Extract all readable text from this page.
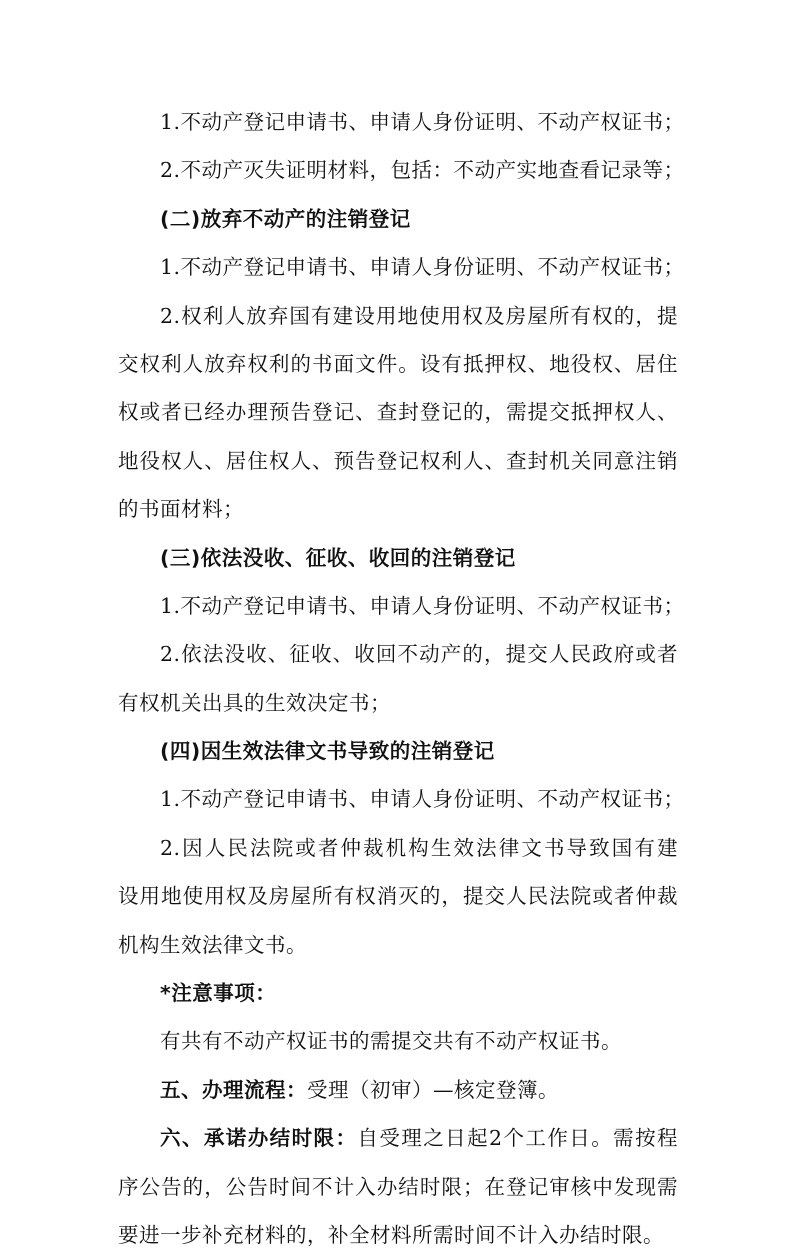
1.不动产登记申请书、申请人身份证明、不动产权证书；
2.不动产灭失证明材料，包括：不动产实地查看记录等；
(二)放弃不动产的注销登记
1.不动产登记申请书、申请人身份证明、不动产权证书；
2.权利人放弃国有建设用地使用权及房屋所有权的，提
交权利人放弃权利的书面文件。设有抵押权、地役权、居住
权或者已经办理预告登记、查封登记的，需提交抵押权人、
地役权人、居住权人、预告登记权利人、查封机关同意注销
的书面材料；
(三)依法没收、征收、收回的注销登记
1.不动产登记申请书、申请人身份证明、不动产权证书；
2.依法没收、征收、收回不动产的，提交人民政府或者
有权机关出具的生效决定书；
(四)因生效法律文书导致的注销登记
1.不动产登记申请书、申请人身份证明、不动产权证书；
2.因人民法院或者仲裁机构生效法律文书导致国有建
设用地使用权及房屋所有权消灭的，提交人民法院或者仲裁
机构生效法律文书。
*注意事项：
有共有不动产权证书的需提交共有不动产权证书。
五、办理流程：受理（初审）—核定登簿。
六、承诺办结时限：自受理之日起2个工作日。需按程
序公告的，公告时间不计入办结时限；在登记审核中发现需
要进一步补充材料的，补全材料所需时间不计入办结时限。
